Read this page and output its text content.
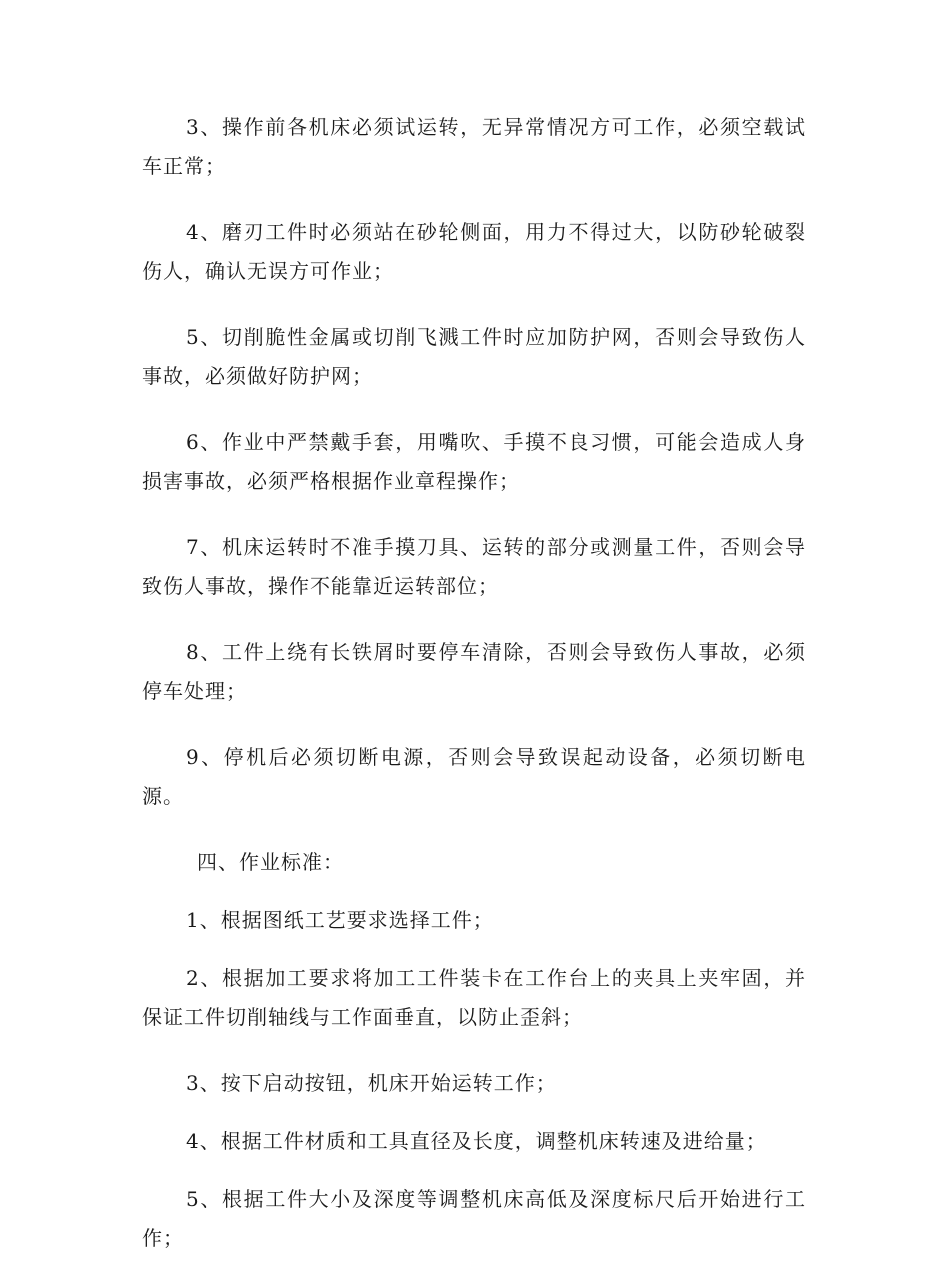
3、操作前各机床必须试运转，无异常情况方可工作，必须空载试车正常；

4、磨刃工件时必须站在砂轮侧面，用力不得过大，以防砂轮破裂伤人，确认无误方可作业；

5、切削脆性金属或切削飞溅工件时应加防护网，否则会导致伤人事故，必须做好防护网；

6、作业中严禁戴手套，用嘴吹、手摸不良习惯，可能会造成人身损害事故，必须严格根据作业章程操作；

7、机床运转时不准手摸刀具、运转的部分或测量工件，否则会导致伤人事故，操作不能靠近运转部位；

8、工件上绕有长铁屑时要停车清除，否则会导致伤人事故，必须停车处理；

9、停机后必须切断电源，否则会导致误起动设备，必须切断电源。

四、作业标准：

1、根据图纸工艺要求选择工件；

2、根据加工要求将加工工件装卡在工作台上的夹具上夹牢固，并保证工件切削轴线与工作面垂直，以防止歪斜；

3、按下启动按钮，机床开始运转工作；

4、根据工件材质和工具直径及长度，调整机床转速及进给量；

5、根据工件大小及深度等调整机床高低及深度标尺后开始进行工作；
